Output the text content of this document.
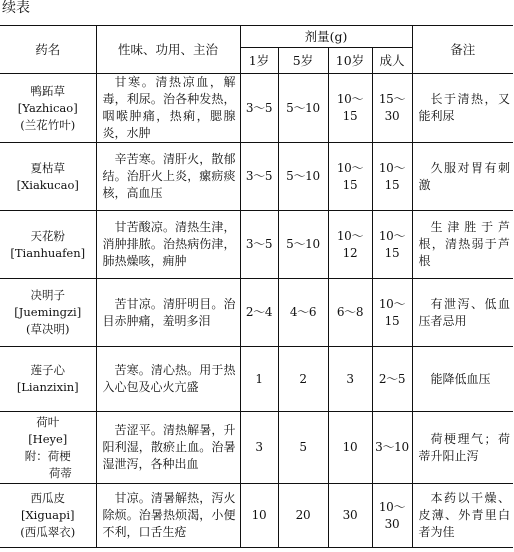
续表
药名	性味、功用、主治	剂量(g)				备注
		1岁	5岁	10岁	成人	

鸭跖草
[Yazhicao]
(兰花竹叶)	甘寒。清热凉血，解毒，利尿。治各种发热，咽喉肿痛，热痢，腮腺炎，水肿	3～5	5～10	10～15	15～30	长于清热，又能利尿

夏枯草
[Xiakucao]	辛苦寒。清肝火，散郁结。治肝火上炎，瘰疬痰核，高血压	3～5	5～10	10～15	10～15	久服对胃有刺激

天花粉
[Tianhuafen]	甘苦酸凉。清热生津，消肿排脓。治热病伤津，肺热燥咳，痈肿	3～5	5～10	10～12	10～15	生津胜于芦根，清热弱于芦根

决明子
[Juemingzi]
(草决明)	苦甘凉。清肝明目。治目赤肿痛，羞明多泪	2～4	4～6	6～8	10～15	有泄泻、低血压者忌用

莲子心
[Lianzixin]	苦寒。清心热。用于热入心包及心火亢盛	1	2	3	2～5	能降低血压

荷叶
[Heye]
附：荷梗
荷蒂	苦涩平。清热解暑，升阳利湿，散瘀止血。治暑湿泄泻，各种出血	3	5	10	3～10	荷梗理气；荷蒂升阳止泻

西瓜皮
[Xiguapi]
(西瓜翠衣)	甘凉。清暑解热，泻火除烦。治暑热烦渴，小便不利，口舌生疮	10	20	30	10～30	本药以干燥、皮薄、外青里白者为佳
